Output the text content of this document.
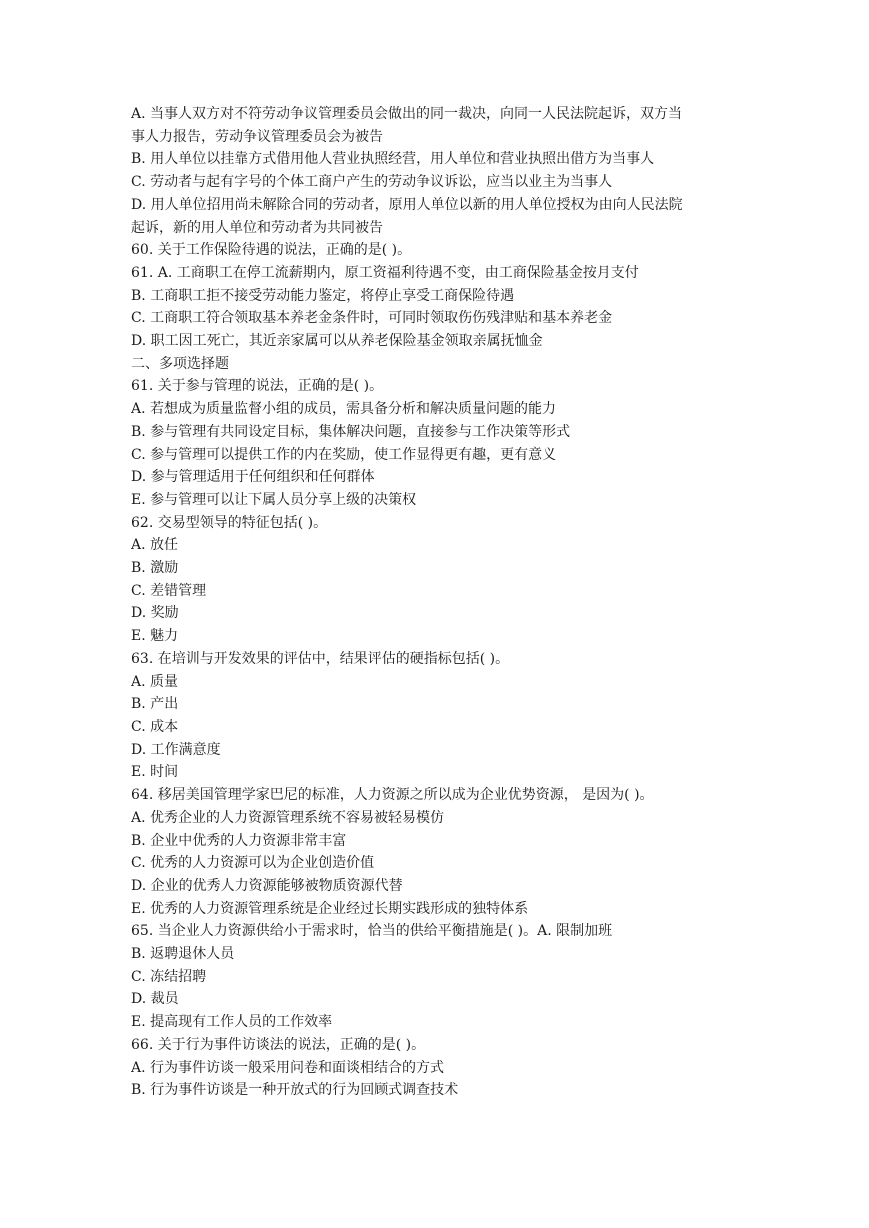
A. 当事人双方对不符劳动争议管理委员会做出的同一裁决，向同一人民法院起诉，双方当

事人力报告，劳动争议管理委员会为被告

B. 用人单位以挂靠方式借用他人营业执照经营，用人单位和营业执照出借方为当事人

C. 劳动者与起有字号的个体工商户产生的劳动争议诉讼，应当以业主为当事人

D. 用人单位招用尚未解除合同的劳动者，原用人单位以新的用人单位授权为由向人民法院

起诉，新的用人单位和劳动者为共同被告

60. 关于工作保险待遇的说法，正确的是( )。

61. A. 工商职工在停工流薪期内，原工资福利待遇不变，由工商保险基金按月支付

B. 工商职工拒不接受劳动能力鉴定，将停止享受工商保险待遇

C. 工商职工符合领取基本养老金条件时，可同时领取伤伤残津贴和基本养老金

D. 职工因工死亡，其近亲家属可以从养老保险基金领取亲属抚恤金

二、多项选择题

61. 关于参与管理的说法，正确的是( )。

A. 若想成为质量监督小组的成员，需具备分析和解决质量问题的能力

B. 参与管理有共同设定目标，集体解决问题，直接参与工作决策等形式

C. 参与管理可以提供工作的内在奖励，使工作显得更有趣，更有意义

D. 参与管理适用于任何组织和任何群体

E. 参与管理可以让下属人员分享上级的决策权

62. 交易型领导的特征包括( )。

A. 放任

B. 激励

C. 差错管理

D. 奖励

E. 魅力

63. 在培训与开发效果的评估中，结果评估的硬指标包括( )。

A. 质量

B. 产出

C. 成本

D. 工作满意度

E. 时间

64. 移居美国管理学家巴尼的标准，人力资源之所以成为企业优势资源， 是因为( )。

A. 优秀企业的人力资源管理系统不容易被轻易模仿

B. 企业中优秀的人力资源非常丰富

C. 优秀的人力资源可以为企业创造价值

D. 企业的优秀人力资源能够被物质资源代替

E. 优秀的人力资源管理系统是企业经过长期实践形成的独特体系

65. 当企业人力资源供给小于需求时，恰当的供给平衡措施是( )。A. 限制加班

B. 返聘退休人员

C. 冻结招聘

D. 裁员

E. 提高现有工作人员的工作效率

66. 关于行为事件访谈法的说法，正确的是( )。

A. 行为事件访谈一般采用问卷和面谈相结合的方式

B. 行为事件访谈是一种开放式的行为回顾式调查技术
